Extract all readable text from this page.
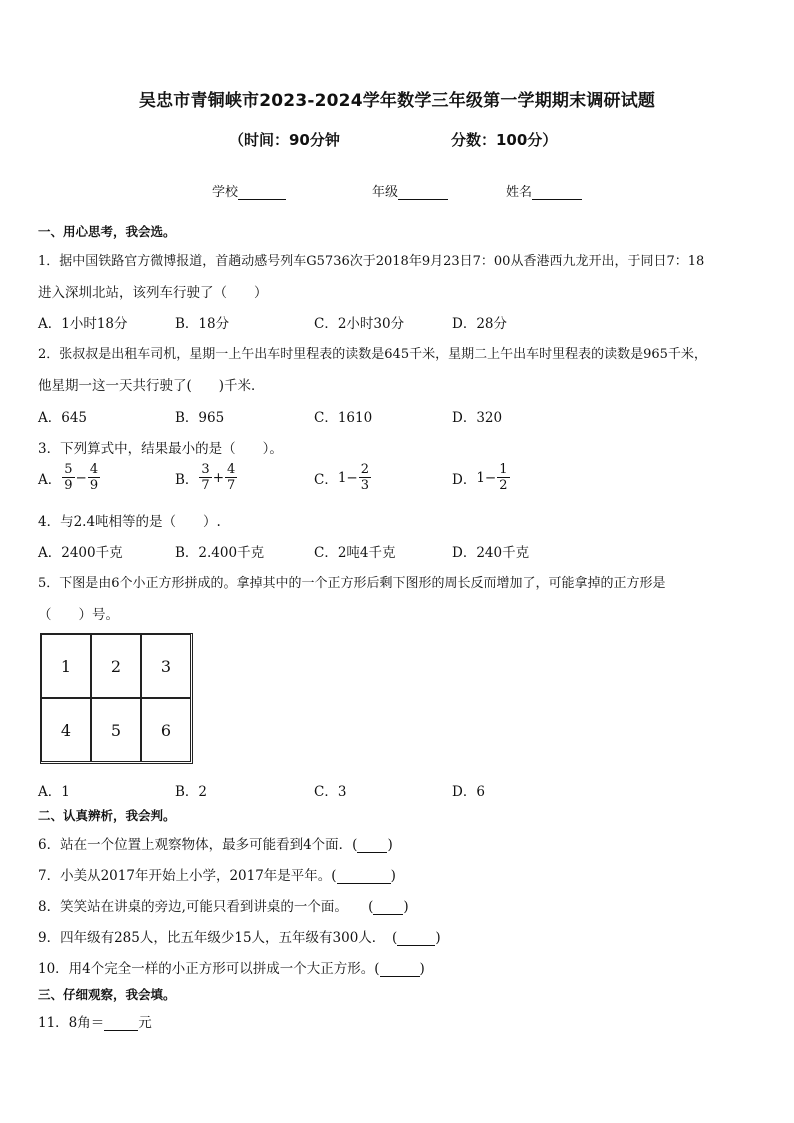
吴忠市青铜峡市2023-2024学年数学三年级第一学期期末调研试题
（时间：90分钟	分数：100分）
学校	年级	姓名
一、用心思考，我会选。
1．据中国铁路官方微博报道，首趟动感号列车G5736次于2018年9月23日7：00从香港西九龙开出，于同日7：18
进入深圳北站，该列车行驶了（　　）
A．1小时18分	B．18分	C．2小时30分	D．28分
2．张叔叔是出租车司机，星期一上午出车时里程表的读数是645千米，星期二上午出车时里程表的读数是965千米，
他星期一这一天共行驶了(　　)千米．
A．645	B．965	C．1610	D．320
3．下列算式中，结果最小的是（　　）。
A． $\frac{5}{9} - \frac{4}{9}$	B． $\frac{3}{7} + \frac{4}{7}$	C． $1- \frac{2}{3}$	D． $1- \frac{1}{2}$
4．与2.4吨相等的是（　　）.
A．2400千克	B．2.400千克	C．2吨4千克	D．240千克
5．下图是由6个小正方形拼成的。拿掉其中的一个正方形后剩下图形的周长反而增加了，可能拿掉的正方形是
（　　）号。
1	2	3
4	5	6
A．1	B．2	C．3	D．6
二、认真辨析，我会判。
6．站在一个位置上观察物体，最多可能看到4个面．( )
7．小美从2017年开始上小学，2017年是平年。(	)
8．笑笑站在讲桌的旁边,可能只看到讲桌的一个面。　　( )
9．四年级有285人，比五年级少15人，五年级有300人．　(	)
10．用4个完全一样的小正方形可以拼成一个大正方形。(	)
三、仔细观察，我会填。
11．8角＝	元
